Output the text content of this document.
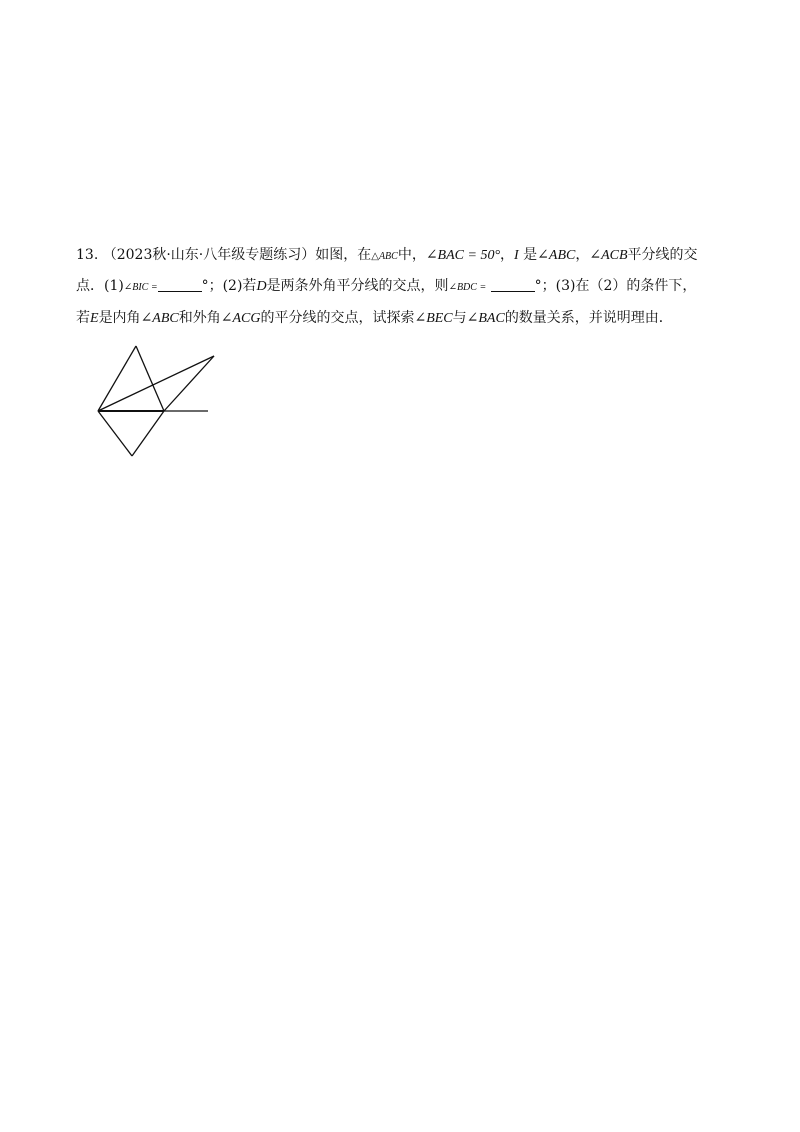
13. （2023秋·山东·八年级专题练习）如图，在△ABC中，∠BAC = 50°，I 是∠ABC，∠ACB平分线的交
点．(1)∠BIC =	°；(2)若D是两条外角平分线的交点，则∠BDC =	°；(3)在（2）的条件下，
若E是内角∠ABC和外角∠ACG的平分线的交点，试探索∠BEC与∠BAC的数量关系，并说明理由．
